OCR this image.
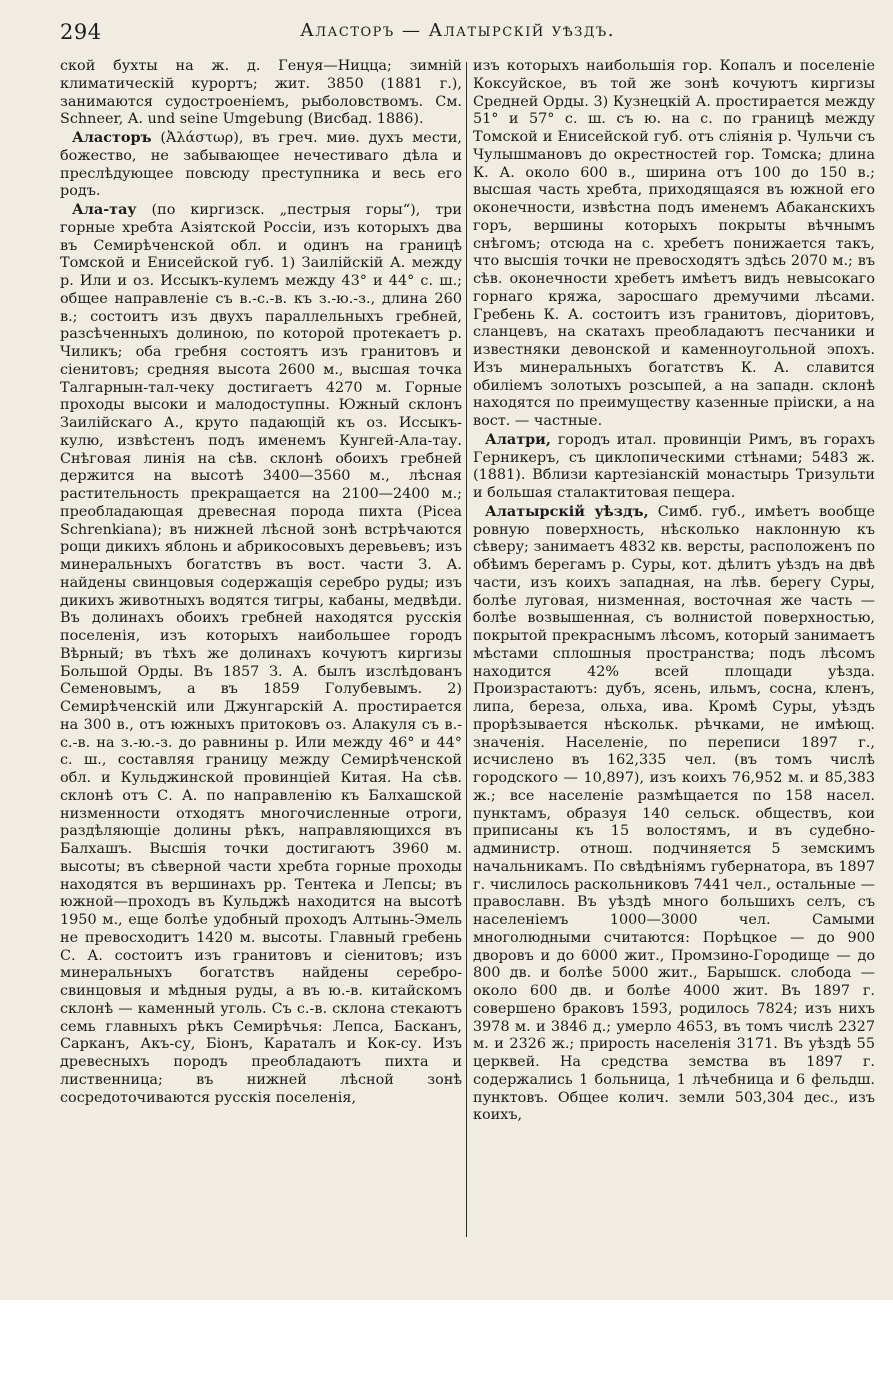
294	Аласторъ — Алатырскій уѣздъ.

ской бухты на ж. д. Генуя—Ницца; зимній климатическій курортъ; жит. 3850 (1881 г.), занимаются судостроеніемъ, рыболовствомъ. См. Schneer, A. und seine Umgebung (Висбад. 1886).

Аласторъ (Ἀλάστωρ), въ греч. миѳ. духъ мести, божество, не забывающее нечестиваго дѣла и преслѣдующее повсюду преступника и весь его родъ.

Ала-тау (по киргизск. „пестрыя горы“), три горные хребта Азіятской Россіи, изъ которыхъ два въ Семирѣченской обл. и одинъ на границѣ Томской и Енисейской губ. 1) Заилійскій А. между р. Или и оз. Иссыкъ-кулемъ между 43° и 44° с. ш.; общее направленіе съ в.-с.-в. къ з.-ю.-з., длина 260 в.; состоитъ изъ двухъ параллельныхъ гребней, разсѣченныхъ долиною, по которой протекаетъ р. Чиликъ; оба гребня состоятъ изъ гранитовъ и сіенитовъ; средняя высота 2600 м., высшая точка Талгарнын-тал-чеку достигаетъ 4270 м. Горные проходы высоки и малодоступны. Южный склонъ Заилійскаго А., круто падающій къ оз. Иссыкъ-кулю, извѣстенъ подъ именемъ Кунгей-Ала-тау. Снѣговая линія на сѣв. склонѣ обоихъ гребней держится на высотѣ 3400—3560 м., лѣсная растительность прекращается на 2100—2400 м.; преобладающая древесная порода пихта (Picea Schrenkiana); въ нижней лѣсной зонѣ встрѣчаются рощи дикихъ яблонь и абрикосовыхъ деревьевъ; изъ минеральныхъ богатствъ въ вост. части З. А. найдены свинцовыя содержащія серебро руды; изъ дикихъ животныхъ водятся тигры, кабаны, медвѣди. Въ долинахъ обоихъ гребней находятся русскія поселенія, изъ которыхъ наибольшее городъ Вѣрный; въ тѣхъ же долинахъ кочуютъ киргизы Большой Орды. Въ 1857 З. А. былъ изслѣдованъ Семеновымъ, а въ 1859 Голубевымъ. 2) Семирѣченскій или Джунгарскій А. простирается на 300 в., отъ южныхъ притоковъ оз. Алакуля съ в.-с.-в. на з.-ю.-з. до равнины р. Или между 46° и 44° с. ш., составляя границу между Семирѣченской обл. и Кульджинской провинціей Китая. На сѣв. склонѣ отъ С. А. по направленію къ Балхашской низменности отходятъ многочисленные отроги, раздѣляющіе долины рѣкъ, направляющихся въ Балхашъ. Высшія точки достигаютъ 3960 м. высоты; въ сѣверной части хребта горные проходы находятся въ вершинахъ рр. Тентека и Лепсы; въ южной—проходъ въ Кульджѣ находится на высотѣ 1950 м., еще болѣе удобный проходъ Алтынь-Эмель не превосходитъ 1420 м. высоты. Главный гребень С. А. состоитъ изъ гранитовъ и сіенитовъ; изъ минеральныхъ богатствъ найдены серебро-свинцовыя и мѣдныя руды, а въ ю.-в. китайскомъ склонѣ — каменный уголь. Съ с.-в. склона стекаютъ семь главныхъ рѣкъ Семирѣчья: Лепса, Басканъ, Сарканъ, Акъ-су, Біонъ, Караталъ и Кок-су. Изъ древесныхъ породъ преобладаютъ пихта и лиственница; въ нижней лѣсной зонѣ сосредоточиваются русскія поселенія,

изъ которыхъ наибольшія гор. Копалъ и поселеніе Коксуйское, въ той же зонѣ кочуютъ киргизы Средней Орды. 3) Кузнецкій А. простирается между 51° и 57° с. ш. съ ю. на с. по границѣ между Томской и Енисейской губ. отъ сліянія р. Чульчи съ Чулышмановъ до окрестностей гор. Томска; длина К. А. около 600 в., ширина отъ 100 до 150 в.; высшая часть хребта, приходящаяся въ южной его оконечности, извѣстна подъ именемъ Абаканскихъ горъ, вершины которыхъ покрыты вѣчнымъ снѣгомъ; отсюда на с. хребетъ понижается такъ, что высшія точки не превосходятъ здѣсь 2070 м.; въ сѣв. оконечности хребетъ имѣетъ видъ невысокаго горнаго кряжа, заросшаго дремучими лѣсами. Гребень К. А. состоитъ изъ гранитовъ, діоритовъ, сланцевъ, на скатахъ преобладаютъ песчаники и известняки девонской и каменноугольной эпохъ. Изъ минеральныхъ богатствъ К. А. славится обиліемъ золотыхъ розсыпей, а на западн. склонѣ находятся по преимуществу казенные пріиски, а на вост. — частные.

Алатри, городъ итал. провинціи Римъ, въ горахъ Герникеръ, съ циклопическими стѣнами; 5483 ж. (1881). Вблизи картезіанскій монастырь Тризульти и большая сталактитовая пещера.

Алатырскій уѣздъ, Симб. губ., имѣетъ вообще ровную поверхность, нѣсколько наклонную къ сѣверу; занимаетъ 4832 кв. версты, расположенъ по обѣимъ берегамъ р. Суры, кот. дѣлитъ уѣздъ на двѣ части, изъ коихъ западная, на лѣв. берегу Суры, болѣе луговая, низменная, восточная же часть — болѣе возвышенная, съ волнистой поверхностью, покрытой прекраснымъ лѣсомъ, который занимаетъ мѣстами сплошныя пространства; подъ лѣсомъ находится 42% всей площади уѣзда. Произрастаютъ: дубъ, ясень, ильмъ, сосна, кленъ, липа, береза, ольха, ива. Кромѣ Суры, уѣздъ прорѣзывается нѣскольк. рѣчками, не имѣющ. значенія. Населеніе, по переписи 1897 г., исчислено въ 162,335 чел. (въ томъ числѣ городского — 10,897), изъ коихъ 76,952 м. и 85,383 ж.; все населеніе размѣщается по 158 насел. пунктамъ, образуя 140 сельск. обществъ, кои приписаны къ 15 волостямъ, и въ судебно-администр. отнош. подчиняется 5 земскимъ начальникамъ. По свѣдѣніямъ губернатора, въ 1897 г. числилось раскольниковъ 7441 чел., остальные — православн. Въ уѣздѣ много большихъ селъ, съ населеніемъ 1000—3000 чел. Самыми многолюдными считаются: Порѣцкое — до 900 дворовъ и до 6000 жит., Промзино-Городище — до 800 дв. и болѣе 5000 жит., Барышск. слобода — около 600 дв. и болѣе 4000 жит. Въ 1897 г. совершено браковъ 1593, родилось 7824; изъ нихъ 3978 м. и 3846 д.; умерло 4653, въ томъ числѣ 2327 м. и 2326 ж.; прирость населенія 3171. Въ уѣздѣ 55 церквей. На средства земства въ 1897 г. содержались 1 больница, 1 лѣчебница и 6 фельдш. пунктовъ. Общее колич. земли 503,304 дес., изъ коихъ,
